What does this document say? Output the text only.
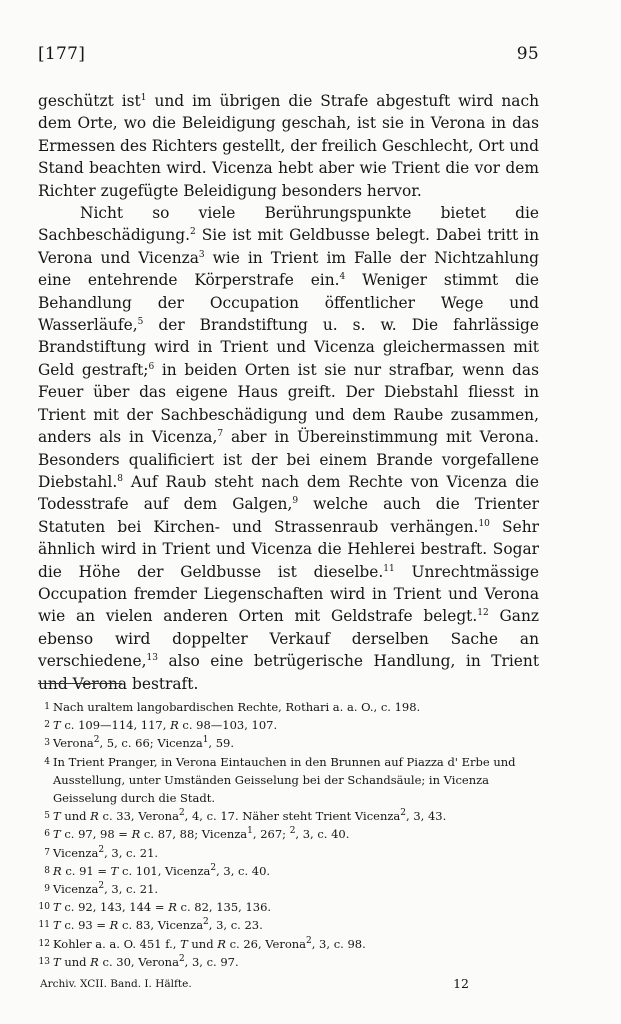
[177]	95

geschützt ist$^1$ und im übrigen die Strafe abgestuft wird nach dem Orte, wo die Beleidigung geschah, ist sie in Verona in das Ermessen des Richters gestellt, der freilich Geschlecht, Ort und Stand beachten wird. Vicenza hebt aber wie Trient die vor dem Richter zugefügte Beleidigung besonders hervor.

Nicht so viele Berührungspunkte bietet die Sachbeschädigung.$^2$ Sie ist mit Geldbusse belegt. Dabei tritt in Verona und Vicenza$^3$ wie in Trient im Falle der Nichtzahlung eine entehrende Körperstrafe ein.$^4$ Weniger stimmt die Behandlung der Occupation öffentlicher Wege und Wasserläufe,$^5$ der Brandstiftung u. s. w. Die fahrlässige Brandstiftung wird in Trient und Vicenza gleichermassen mit Geld gestraft;$^6$ in beiden Orten ist sie nur strafbar, wenn das Feuer über das eigene Haus greift. Der Diebstahl fliesst in Trient mit der Sachbeschädigung und dem Raube zusammen, anders als in Vicenza,$^7$ aber in Übereinstimmung mit Verona. Besonders qualificiert ist der bei einem Brande vorgefallene Diebstahl.$^8$ Auf Raub steht nach dem Rechte von Vicenza die Todesstrafe auf dem Galgen,$^9$ welche auch die Trienter Statuten bei Kirchen- und Strassenraub verhängen.$^{10}$ Sehr ähnlich wird in Trient und Vicenza die Hehlerei bestraft. Sogar die Höhe der Geldbusse ist dieselbe.$^{11}$ Unrechtmässige Occupation fremder Liegenschaften wird in Trient und Verona wie an vielen anderen Orten mit Geldstrafe belegt.$^{12}$ Ganz ebenso wird doppelter Verkauf derselben Sache an verschiedene,$^{13}$ also eine betrügerische Handlung, in Trient und Verona bestraft.

1 Nach uraltem langobardischen Rechte, Rothari a. a. O., c. 198.
2 T c. 109—114, 117, R c. 98—103, 107.
3 Verona$^2$, 5, c. 66; Vicenza$^1$, 59.
4 In Trient Pranger, in Verona Eintauchen in den Brunnen auf Piazza d' Erbe und Ausstellung, unter Umständen Geisselung bei der Schandsäule; in Vicenza Geisselung durch die Stadt.
5 T und R c. 33, Verona$^2$, 4, c. 17. Näher steht Trient Vicenza$^2$, 3, 43.
6 T c. 97, 98 = R c. 87, 88; Vicenza$^1$, 267; $^2$, 3, c. 40.
7 Vicenza$^2$, 3, c. 21.
8 R c. 91 = T c. 101, Vicenza$^2$, 3, c. 40.
9 Vicenza$^2$, 3, c. 21.
10 T c. 92, 143, 144 = R c. 82, 135, 136.
11 T c. 93 = R c. 83, Vicenza$^2$, 3, c. 23.
12 Kohler a. a. O. 451 f., T und R c. 26, Verona$^2$, 3, c. 98.
13 T und R c. 30, Verona$^2$, 3, c. 97.
Archiv. XCII. Band. I. Hälfte.	12
